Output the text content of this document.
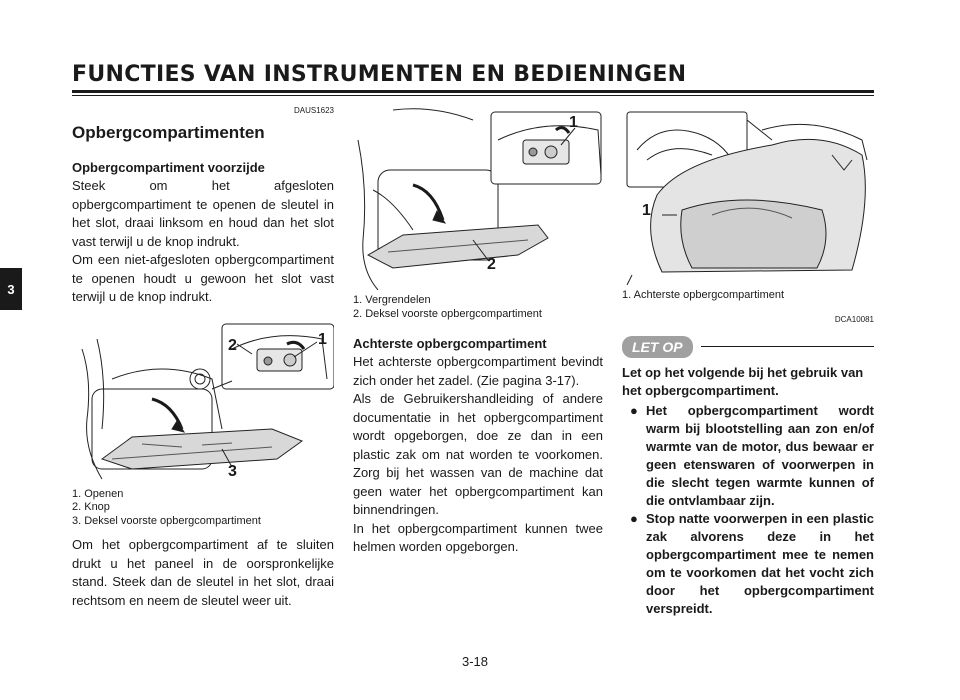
FUNCTIES VAN INSTRUMENTEN EN BEDIENINGEN
3
DAUS1623
Opbergcompartimenten
Opbergcompartiment voorzijde

Steek om het afgesloten opbergcompartiment te openen de sleutel in het slot, draai linksom en houd dan het slot vast terwijl u de knop indrukt.

Om een niet-afgesloten opbergcompartiment te openen houdt u gewoon het slot vast terwijl u de knop indrukt.

1
2
3

1. Openen

2. Knop

3. Deksel voorste opbergcompartiment

Om het opbergcompartiment af te sluiten drukt u het paneel in de oorspronkelijke stand. Steek dan de sleutel in het slot, draai rechtsom en neem de sleutel weer uit.

1
2

1. Vergrendelen

2. Deksel voorste opbergcompartiment

Achterste opbergcompartiment

Het achterste opbergcompartiment bevindt zich onder het zadel. (Zie pagina 3-17).

Als de Gebruikershandleiding of andere documentatie in het opbergcompartiment wordt opgeborgen, doe ze dan in een plastic zak om nat worden te voorkomen. Zorg bij het wassen van de machine dat geen water het opbergcompartiment kan binnendringen.

In het opbergcompartiment kunnen twee helmen worden opgeborgen.

1

1. Achterste opbergcompartiment

DCA10081
LET OP

Let op het volgende bij het gebruik van het opbergcompartiment.

● Het opbergcompartiment wordt warm bij blootstelling aan zon en/of warmte van de motor, dus bewaar er geen etenswaren of voorwerpen in die slecht tegen warmte kunnen of die ontvlambaar zijn.
● Stop natte voorwerpen in een plastic zak alvorens deze in het opbergcompartiment mee te nemen om te voorkomen dat het vocht zich door het opbergcompartiment verspreidt.
3-18
